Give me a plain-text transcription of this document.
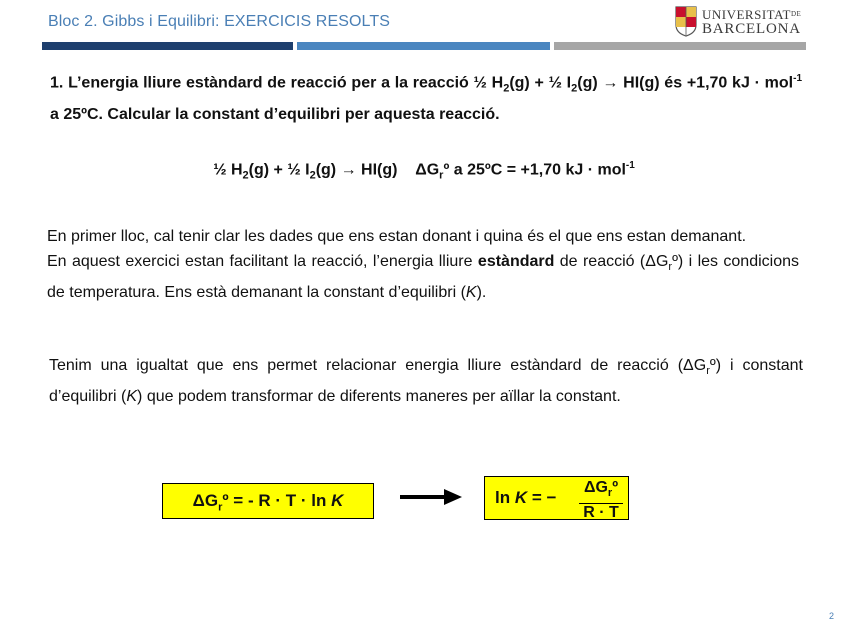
Bloc 2. Gibbs i Equilibri: EXERCICIS RESOLTS	$UNIVERSITAT^{DE}$
BARCELONA
1. L’energia lliure estàndard de reacció per a la reacció ½ $H_2(g)$ + ½ $I_2(g) \to HI(g)$ és +1,70 kJ · mol$^{-1}$ a 25ºC. Calcular la constant d’equilibri per aquesta reacció.
½ $H_2(g)$ + ½ $I_2(g) \to HI(g)$ $\Delta G_rº$ a 25ºC = +1,70 kJ · mol$^{-1}$
En primer lloc, cal tenir clar les dades que ens estan donant i quina és el que ens estan demanant.
En aquest exercici estan facilitant la reacció, l’energia lliure estàndard de reacció $(\Delta G_rº)$ i les condicions de temperatura. Ens està demanant la constant d’equilibri (K).
Tenim una igualtat que ens permet relacionar energia lliure estàndard de reacció $(\Delta G_rº)$ i constant d’equilibri (K) que podem transformar de diferents maneres per aïllar la constant.
$\Delta G_rº$ = - R · T · ln K	ln K = −
$\Delta G_rº$
R · T
2
